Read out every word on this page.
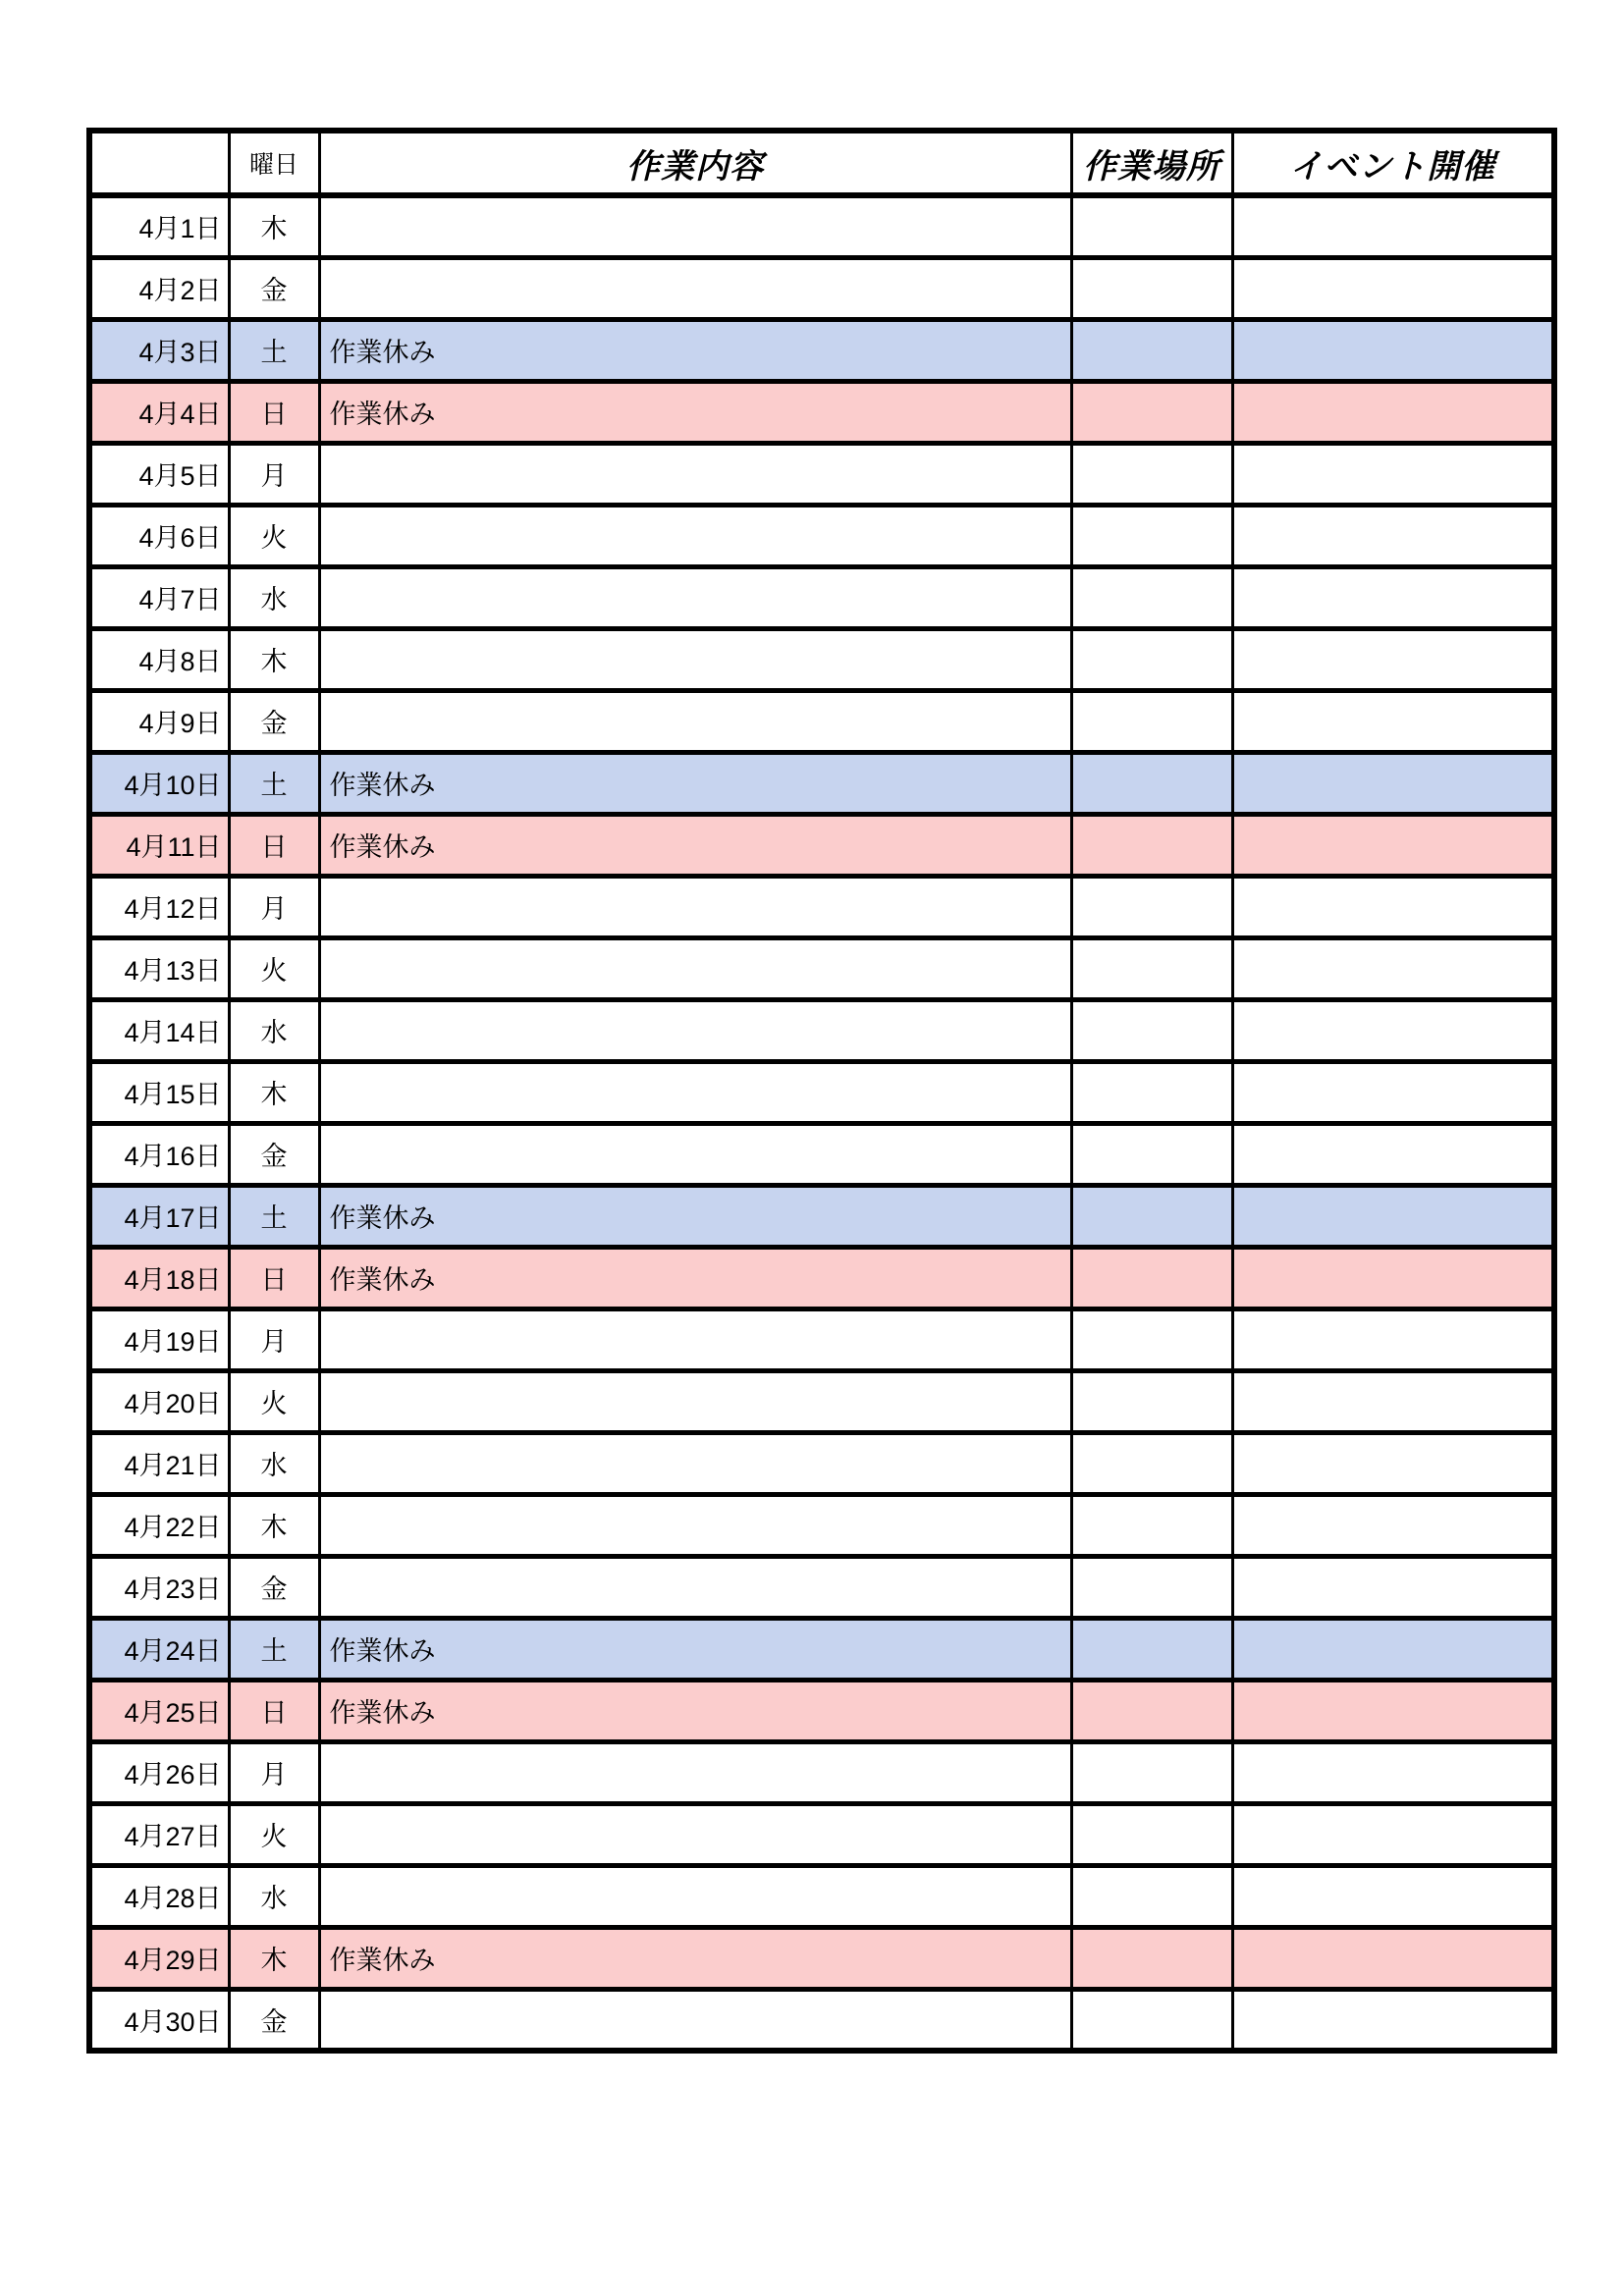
	曜日	作業内容	作業場所	イベント開催
4月1日	木			
4月2日	金			
4月3日	土	作業休み		
4月4日	日	作業休み		
4月5日	月			
4月6日	火			
4月7日	水			
4月8日	木			
4月9日	金			
4月10日	土	作業休み		
4月11日	日	作業休み		
4月12日	月			
4月13日	火			
4月14日	水			
4月15日	木			
4月16日	金			
4月17日	土	作業休み		
4月18日	日	作業休み		
4月19日	月			
4月20日	火			
4月21日	水			
4月22日	木			
4月23日	金			
4月24日	土	作業休み		
4月25日	日	作業休み		
4月26日	月			
4月27日	火			
4月28日	水			
4月29日	木	作業休み		
4月30日	金			
